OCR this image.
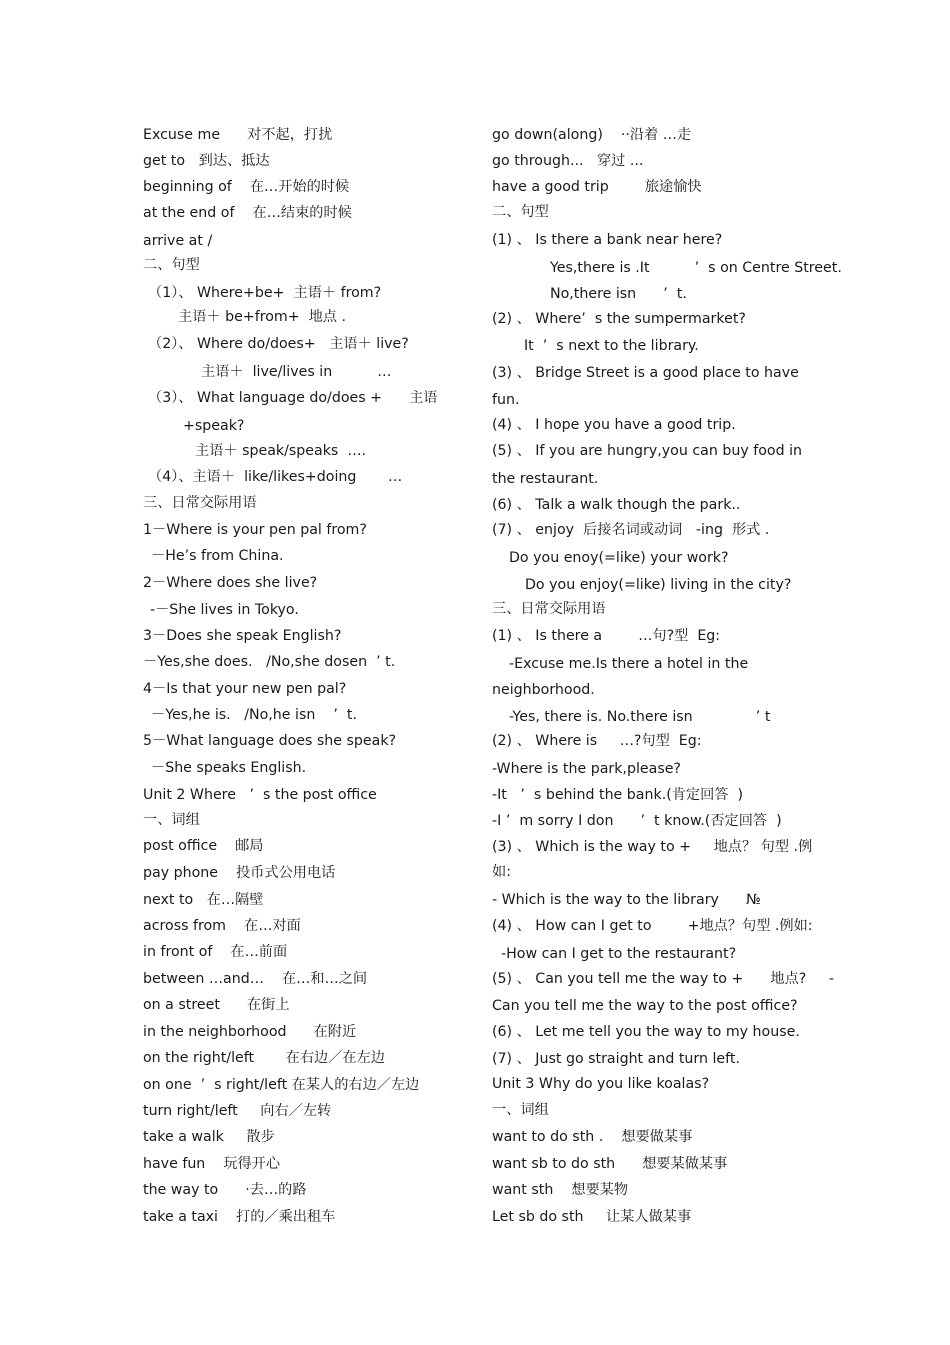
Excuse me      对不起，打扰
get to   到达、抵达
beginning of    在…开始的时候
at the end of    在…结束的时候
arrive at /
二、句型
（1）、 Where+be+  主语＋ from?
主语＋ be+from+  地点 .
（2）、 Where do/does+   主语＋ live?
主语＋  live/lives in          …
（3）、 What language do/does +      主语
+speak?
主语＋ speak/speaks  ….
（4）、主语＋  like/likes+doing       …
三、日常交际用语
1－Where is your pen pal from?
－He’s from China.
2－Where does she live?
-－She lives in Tokyo.
3－Does she speak English?
－Yes,she does.   /No,she dosen  ’ t.
4－Is that your new pen pal?
－Yes,he is.   /No,he isn    ’  t.
5－What language does she speak?
－She speaks English.
Unit 2 Where   ’  s the post office
一、词组
post office    邮局
pay phone    投币式公用电话
next to   在…隔壁
across from    在…对面
in front of    在…前面
between …and…    在…和…之间
on a street      在街上
in the neighborhood      在附近
on the right/left       在右边／在左边
on one  ’  s right/left 在某人的右边／左边
turn right/left     向右／左转
take a walk     散步
have fun    玩得开心
the way to      ·去…的路
take a taxi    打的／乘出租车
go down(along)    ··沿着 …走
go through...   穿过 ...
have a good trip        旅途愉快
二、句型
(1) 、 Is there a bank near here?
Yes,there is .It          ’  s on Centre Street.
No,there isn      ’  t.
(2) 、 Where’  s the sumpermarket?
It  ’  s next to the library.
(3) 、 Bridge Street is a good place to have
fun.
(4) 、 I hope you have a good trip.
(5) 、 If you are hungry,you can buy food in
the restaurant.
(6) 、 Talk a walk though the park..
(7) 、 enjoy  后接名词或动词   -ing  形式 .
Do you enoy(=like) your work?
Do you enjoy(=like) living in the city?
三、日常交际用语
(1) 、 Is there a        …句?型  Eg:
-Excuse me.Is there a hotel in the
neighborhood.
-Yes, there is. No.there isn              ’ t
(2) 、 Where is     …?句型  Eg:
-Where is the park,please?
-It   ’  s behind the bank.(肯定回答  )
-I ’  m sorry I don      ’  t know.(否定回答  )
(3) 、 Which is the way to +     地点？ 句型 .例
如:
- Which is the way to the library      №
(4) 、 How can I get to        +地点？句型 .例如:
-How can I get to the restaurant?
(5) 、 Can you tell me the way to +      地点?     -
Can you tell me the way to the post office?
(6) 、 Let me tell you the way to my house.
(7) 、 Just go straight and turn left.
Unit 3 Why do you like koalas?
一、词组
want to do sth .    想要做某事
want sb to do sth      想要某做某事
want sth    想要某物
Let sb do sth     让某人做某事
